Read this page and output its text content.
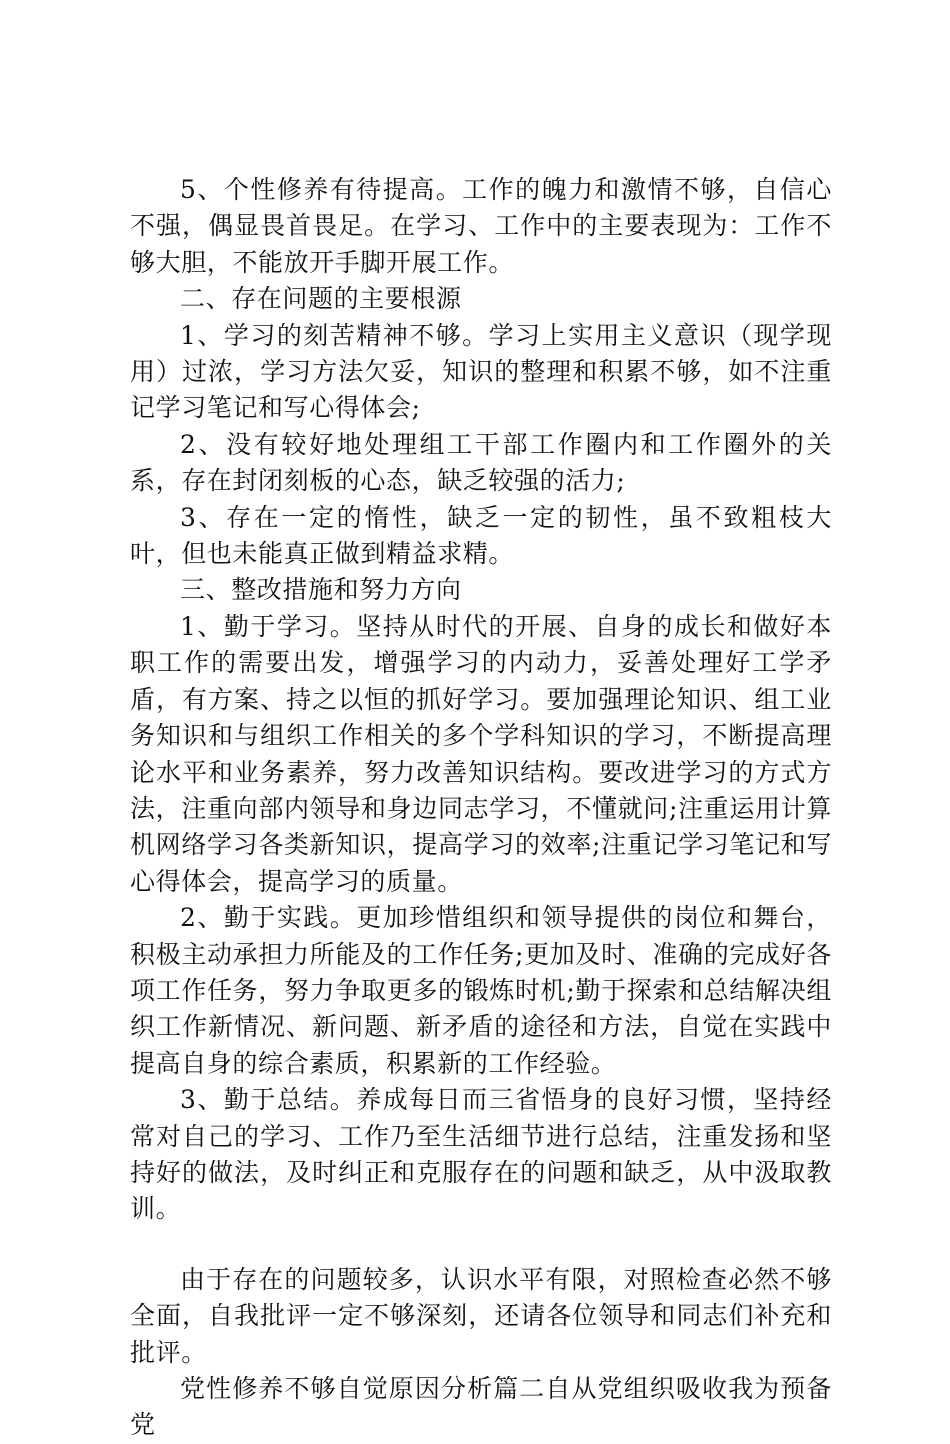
5、个性修养有待提高。工作的魄力和激情不够，自信心不强，偶显畏首畏足。在学习、工作中的主要表现为：工作不够大胆，不能放开手脚开展工作。

二、存在问题的主要根源

1、学习的刻苦精神不够。学习上实用主义意识（现学现用）过浓，学习方法欠妥，知识的整理和积累不够，如不注重记学习笔记和写心得体会;

2、没有较好地处理组工干部工作圈内和工作圈外的关系，存在封闭刻板的心态，缺乏较强的活力;

3、存在一定的惰性，缺乏一定的韧性，虽不致粗枝大叶，但也未能真正做到精益求精。

三、整改措施和努力方向

1、勤于学习。坚持从时代的开展、自身的成长和做好本职工作的需要出发，增强学习的内动力，妥善处理好工学矛盾，有方案、持之以恒的抓好学习。要加强理论知识、组工业务知识和与组织工作相关的多个学科知识的学习，不断提高理论水平和业务素养，努力改善知识结构。要改进学习的方式方法，注重向部内领导和身边同志学习，不懂就问;注重运用计算机网络学习各类新知识，提高学习的效率;注重记学习笔记和写心得体会，提高学习的质量。

2、勤于实践。更加珍惜组织和领导提供的岗位和舞台，积极主动承担力所能及的工作任务;更加及时、准确的完成好各项工作任务，努力争取更多的锻炼时机;勤于探索和总结解决组织工作新情况、新问题、新矛盾的途径和方法，自觉在实践中提高自身的综合素质，积累新的工作经验。

3、勤于总结。养成每日而三省悟身的良好习惯，坚持经常对自己的学习、工作乃至生活细节进行总结，注重发扬和坚持好的做法，及时纠正和克服存在的问题和缺乏，从中汲取教训。

由于存在的问题较多，认识水平有限，对照检查必然不够全面，自我批评一定不够深刻，还请各位领导和同志们补充和批评。

党性修养不够自觉原因分析篇二自从党组织吸收我为预备党
